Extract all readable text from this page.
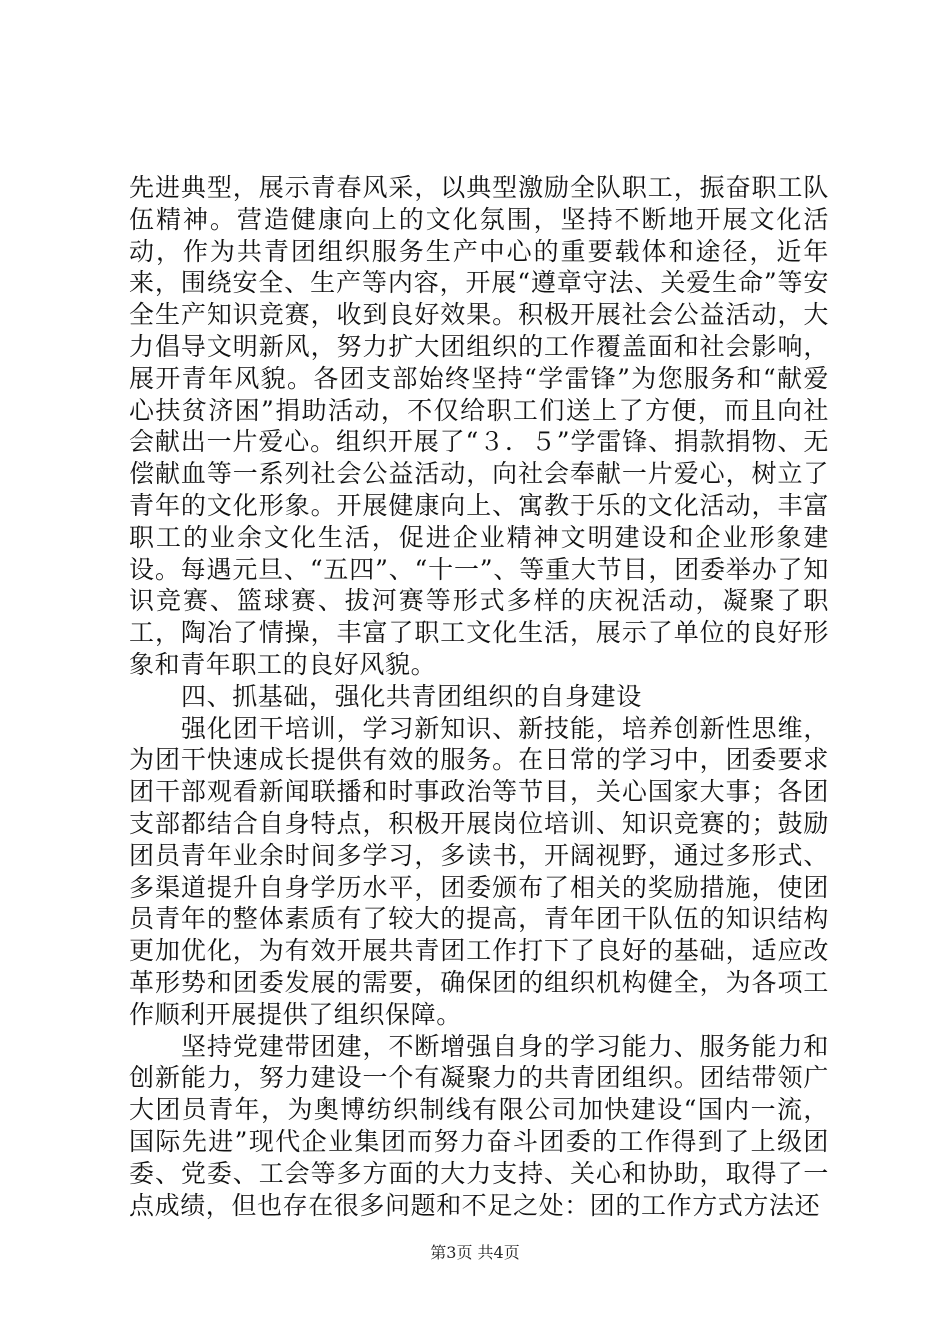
先进典型，展示青春风采，以典型激励全队职工，振奋职工队伍精神。营造健康向上的文化氛围，坚持不断地开展文化活动，作为共青团组织服务生产中心的重要载体和途径，近年来，围绕安全、生产等内容，开展“遵章守法、关爱生命”等安全生产知识竞赛，收到良好效果。积极开展社会公益活动，大力倡导文明新风，努力扩大团组织的工作覆盖面和社会影响，展开青年风貌。各团支部始终坚持“学雷锋”为您服务和“献爱心扶贫济困”捐助活动，不仅给职工们送上了方便，而且向社会献出一片爱心。组织开展了“３．５”学雷锋、捐款捐物、无偿献血等一系列社会公益活动，向社会奉献一片爱心，树立了青年的文化形象。开展健康向上、寓教于乐的文化活动，丰富职工的业余文化生活，促进企业精神文明建设和企业形象建设。每遇元旦、“五四”、“十一”、等重大节目，团委举办了知识竞赛、篮球赛、拔河赛等形式多样的庆祝活动，凝聚了职工，陶冶了情操，丰富了职工文化生活，展示了单位的良好形象和青年职工的良好风貌。

四、抓基础，强化共青团组织的自身建设

强化团干培训，学习新知识、新技能，培养创新性思维，为团干快速成长提供有效的服务。在日常的学习中，团委要求团干部观看新闻联播和时事政治等节目，关心国家大事；各团支部都结合自身特点，积极开展岗位培训、知识竞赛的；鼓励团员青年业余时间多学习，多读书，开阔视野，通过多形式、多渠道提升自身学历水平，团委颁布了相关的奖励措施，使团员青年的整体素质有了较大的提高，青年团干队伍的知识结构更加优化，为有效开展共青团工作打下了良好的基础，适应改革形势和团委发展的需要，确保团的组织机构健全，为各项工作顺利开展提供了组织保障。

坚持党建带团建，不断增强自身的学习能力、服务能力和创新能力，努力建设一个有凝聚力的共青团组织。团结带领广大团员青年，为奥博纺织制线有限公司加快建设“国内一流，国际先进”现代企业集团而努力奋斗团委的工作得到了上级团委、党委、工会等多方面的大力支持、关心和协助，取得了一点成绩，但也存在很多问题和不足之处：团的工作方式方法还

第3页 共4页
